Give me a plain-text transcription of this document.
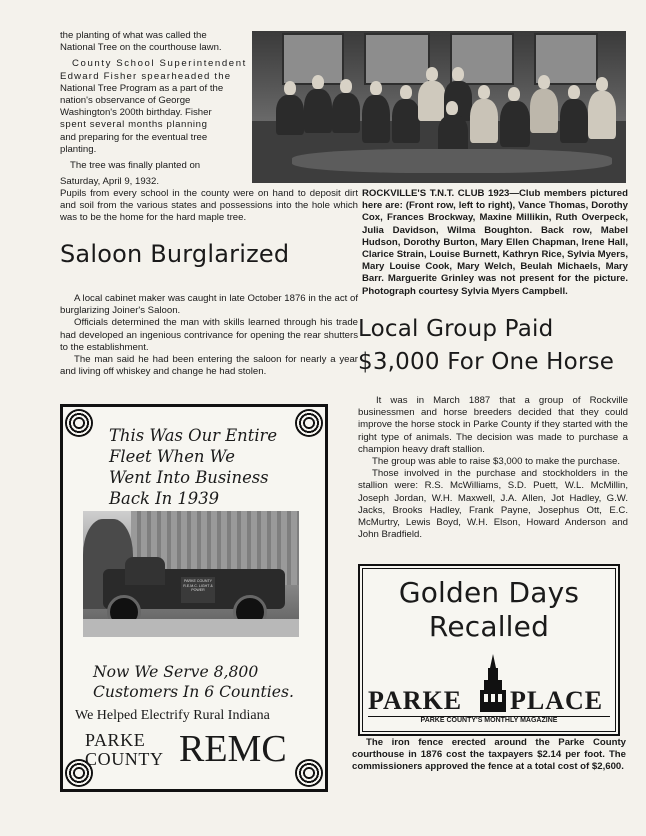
the planting of what was called the
National Tree on the courthouse lawn.
County School Superintendent
Edward Fisher spearheaded the
National Tree Program as a part of the
nation's observance of George
Washington's 200th birthday. Fisher
spent several months planning
and preparing for the eventual tree
planting.
The tree was finally planted on
Saturday, April 9, 1932.
Pupils from every school in the county were on hand to deposit dirt and soil from the various states and possessions into the hole which was to be the home for the hard maple tree.
ROCKVILLE'S T.N.T. CLUB 1923—Club members pictured here are: (Front row, left to right), Vance Thomas, Dorothy Cox, Frances Brockway, Maxine Millikin, Ruth Overpeck, Julia Davidson, Wilma Boughton. Back row, Mabel Hudson, Dorothy Burton, Mary Ellen Chapman, Irene Hall, Clarice Strain, Louise Burnett, Kathryn Rice, Sylvia Myers, Mary Louise Cook, Mary Welch, Beulah Michaels, Mary Barr. Marguerite Grinley was not present for the picture. Photograph courtesy Sylvia Myers Campbell.
Saloon Burglarized

A local cabinet maker was caught in late October 1876 in the act of burglarizing Joiner's Saloon.

Officials determined the man with skills learned through his trade had developed an ingenious contrivance for opening the rear shutters to the establishment.

The man said he had been entering the saloon for nearly a year and living off whiskey and change he had stolen.

Local Group Paid
$3,000 For One Horse

It was in March 1887 that a group of Rockville businessmen and horse breeders decided that they could improve the horse stock in Parke County if they started with the right type of animals. The decision was made to purchase a champion heavy draft stallion.

The group was able to raise $3,000 to make the purchase.

Those involved in the purchase and stockholders in the stallion were: R.S. McWilliams, S.D. Puett, W.L. McMillin, Joseph Jordan, W.H. Maxwell, J.A. Allen, Jot Hadley, G.W. Jacks, Brooks Hadley, Frank Payne, Josephus Ott, E.C. McMurtry, Lewis Boyd, W.H. Elson, Howard Anderson and John Bradfield.

This Was Our Entire
Fleet When We
Went Into Business
Back In 1939
PARKE COUNTY R.E.M.C. LIGHT & POWER
Now We Serve 8,800
Customers In 6 Counties.
We Helped Electrify Rural Indiana
PARKE
COUNTY REMC
Golden Days
Recalled
PARKE PLACE
PARKE COUNTY'S MONTHLY MAGAZINE
The iron fence erected around the Parke County courthouse in 1876 cost the taxpayers $2.14 per foot. The commissioners approved the fence at a total cost of $2,600.
